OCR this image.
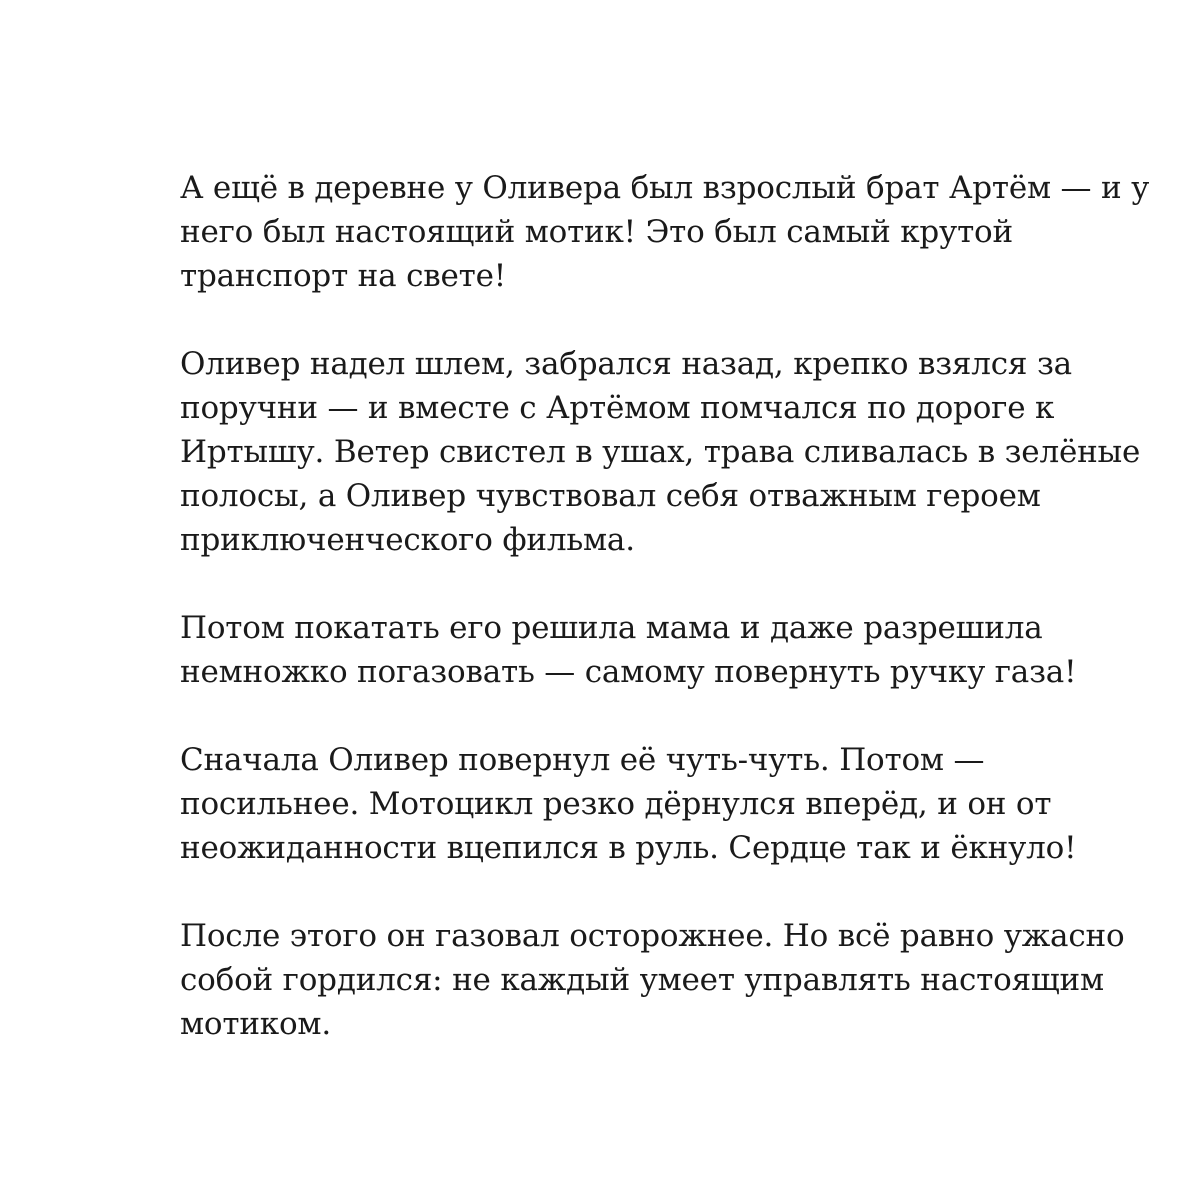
А ещё в деревне у Оливера был взрослый брат Артём — и у
него был настоящий мотик! Это был самый крутой
транспорт на свете!

Оливер надел шлем, забрался назад, крепко взялся за
поручни — и вместе с Артёмом помчался по дороге к
Иртышу. Ветер свистел в ушах, трава сливалась в зелёные
полосы, а Оливер чувствовал себя отважным героем
приключенческого фильма.

Потом покатать его решила мама и даже разрешила
немножко погазовать — самому повернуть ручку газа!

Сначала Оливер повернул её чуть-чуть. Потом —
посильнее. Мотоцикл резко дёрнулся вперёд, и он от
неожиданности вцепился в руль. Сердце так и ёкнуло!

После этого он газовал осторожнее. Но всё равно ужасно
собой гордился: не каждый умеет управлять настоящим
мотиком.
